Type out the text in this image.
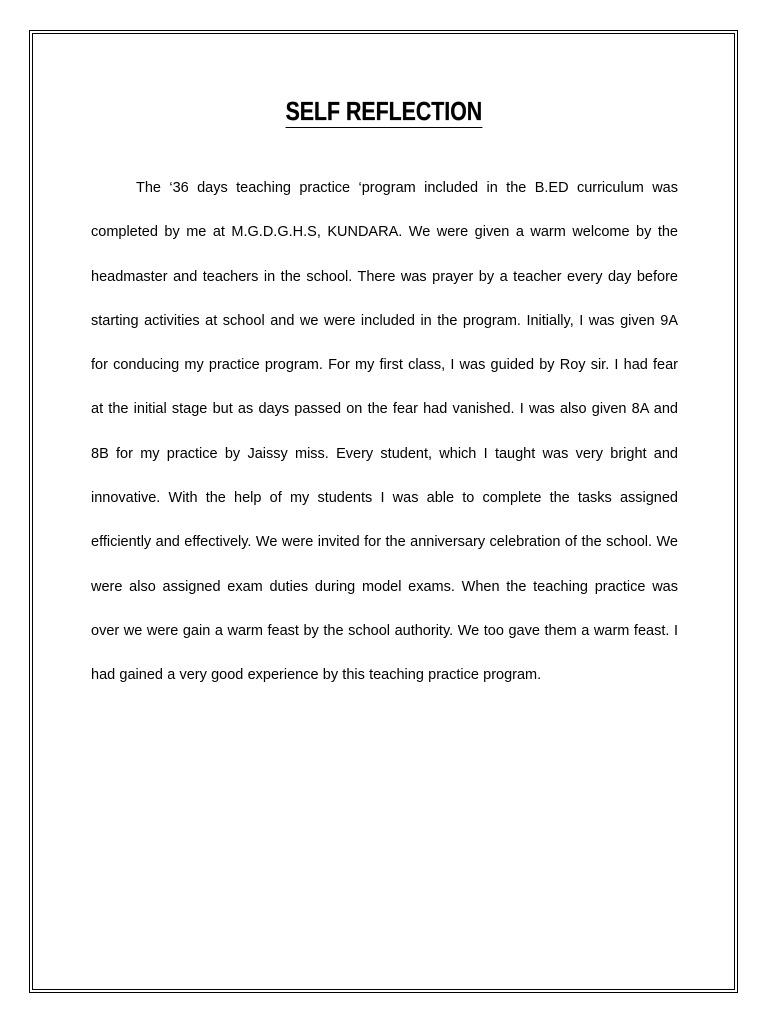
SELF REFLECTION

The ‘36 days teaching practice ‘program included in the B.ED curriculum was completed by me at M.G.D.G.H.S, KUNDARA. We were given a warm welcome by the headmaster and teachers in the school. There was prayer by a teacher every day before starting activities at school and we were included in the program. Initially, I was given 9A for conducing my practice program. For my first class, I was guided by Roy sir. I had fear at the initial stage but as days passed on the fear had vanished. I was also given 8A and 8B for my practice by Jaissy miss. Every student, which I taught was very bright and innovative. With the help of my students I was able to complete the tasks assigned efficiently and effectively. We were invited for the anniversary celebration of the school. We were also assigned exam duties during model exams. When the teaching practice was over we were gain a warm feast by the school authority. We too gave them a warm feast. I had gained a very good experience by this teaching practice program.
